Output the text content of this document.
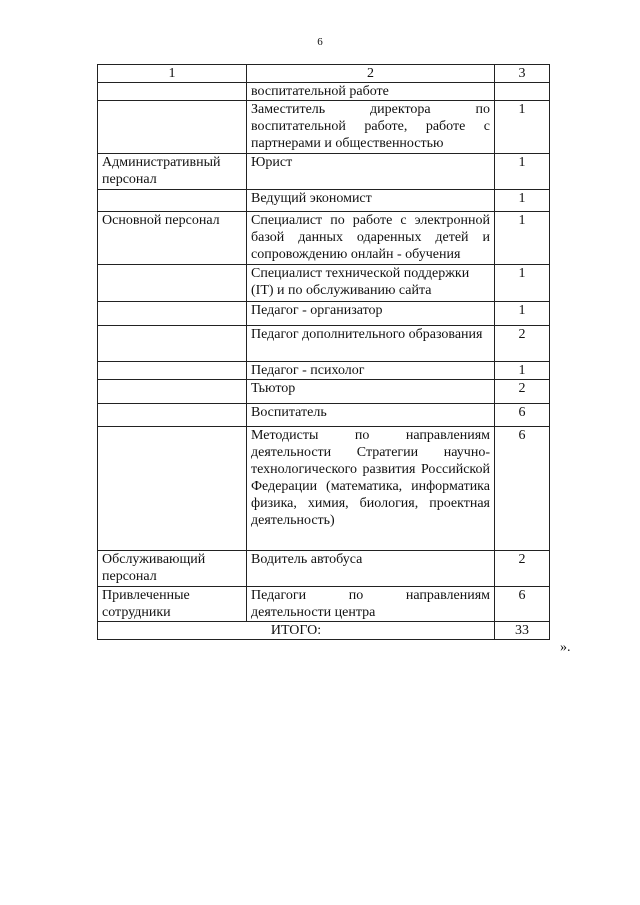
6
1	2	3
	воспитательной работе	
	Заместитель директора по воспитательной работе, работе с партнерами и общественностью	1
Административный персонал	Юрист	1
	Ведущий экономист	1
Основной персонал	Специалист по работе с электронной базой данных одаренных детей и сопровождению онлайн - обучения	1
	Специалист технической поддержки (IT) и по обслуживанию сайта	1
	Педагог - организатор	1
	Педагог дополнительного образования	2
	Педагог - психолог	1
	Тьютор	2
	Воспитатель	6
	Методисты по направлениям деятельности Стратегии научно-технологического развития Российской Федерации (математика, информатика физика, химия, биология, проектная деятельность)	6
Обслуживающий персонал	Водитель автобуса	2
Привлеченные сотрудники	Педагоги по направлениям деятельности центра	6
ИТОГО:		33
».
